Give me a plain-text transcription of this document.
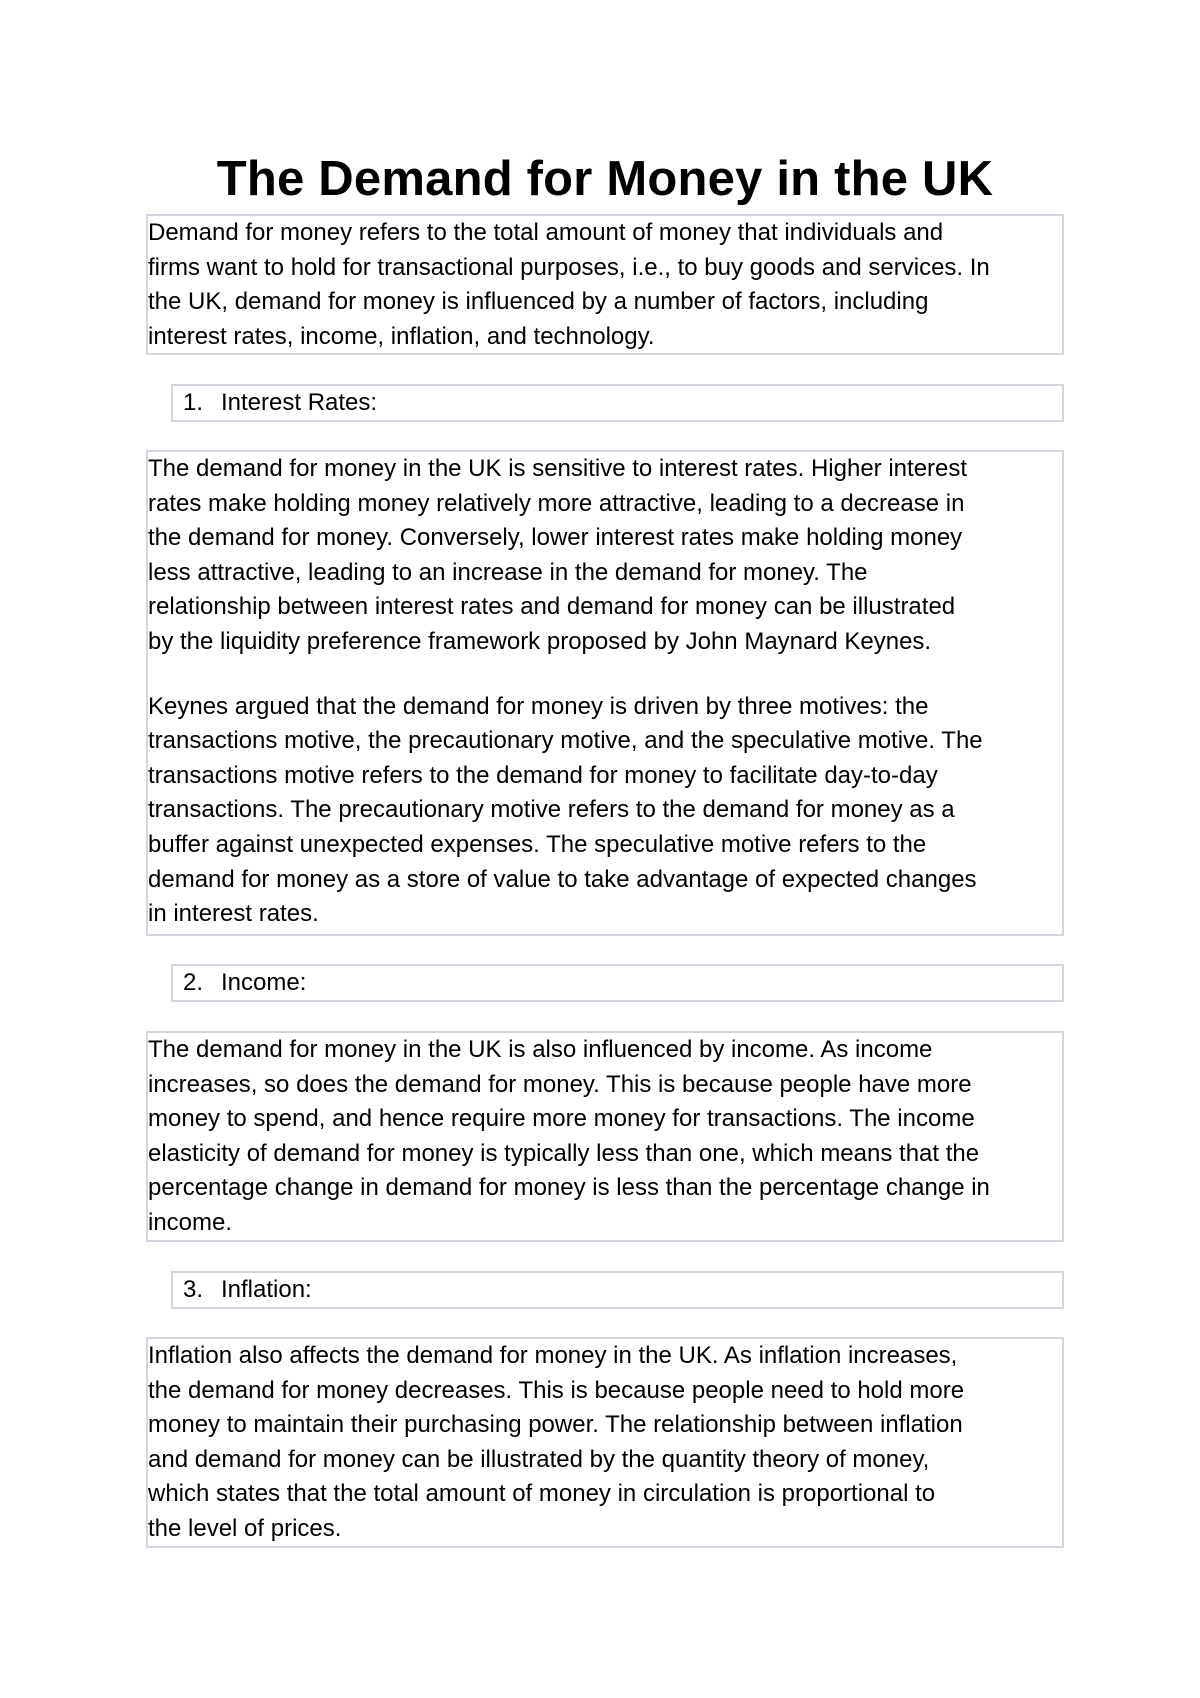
The Demand for Money in the UK

Demand for money refers to the total amount of money that individuals and
firms want to hold for transactional purposes, i.e., to buy goods and services. In
the UK, demand for money is influenced by a number of factors, including
interest rates, income, inflation, and technology.

1. Interest Rates:

The demand for money in the UK is sensitive to interest rates. Higher interest
rates make holding money relatively more attractive, leading to a decrease in
the demand for money. Conversely, lower interest rates make holding money
less attractive, leading to an increase in the demand for money. The
relationship between interest rates and demand for money can be illustrated
by the liquidity preference framework proposed by John Maynard Keynes.

Keynes argued that the demand for money is driven by three motives: the
transactions motive, the precautionary motive, and the speculative motive. The
transactions motive refers to the demand for money to facilitate day-to-day
transactions. The precautionary motive refers to the demand for money as a
buffer against unexpected expenses. The speculative motive refers to the
demand for money as a store of value to take advantage of expected changes
in interest rates.

2. Income:

The demand for money in the UK is also influenced by income. As income
increases, so does the demand for money. This is because people have more
money to spend, and hence require more money for transactions. The income
elasticity of demand for money is typically less than one, which means that the
percentage change in demand for money is less than the percentage change in
income.

3. Inflation:

Inflation also affects the demand for money in the UK. As inflation increases,
the demand for money decreases. This is because people need to hold more
money to maintain their purchasing power. The relationship between inflation
and demand for money can be illustrated by the quantity theory of money,
which states that the total amount of money in circulation is proportional to
the level of prices.
